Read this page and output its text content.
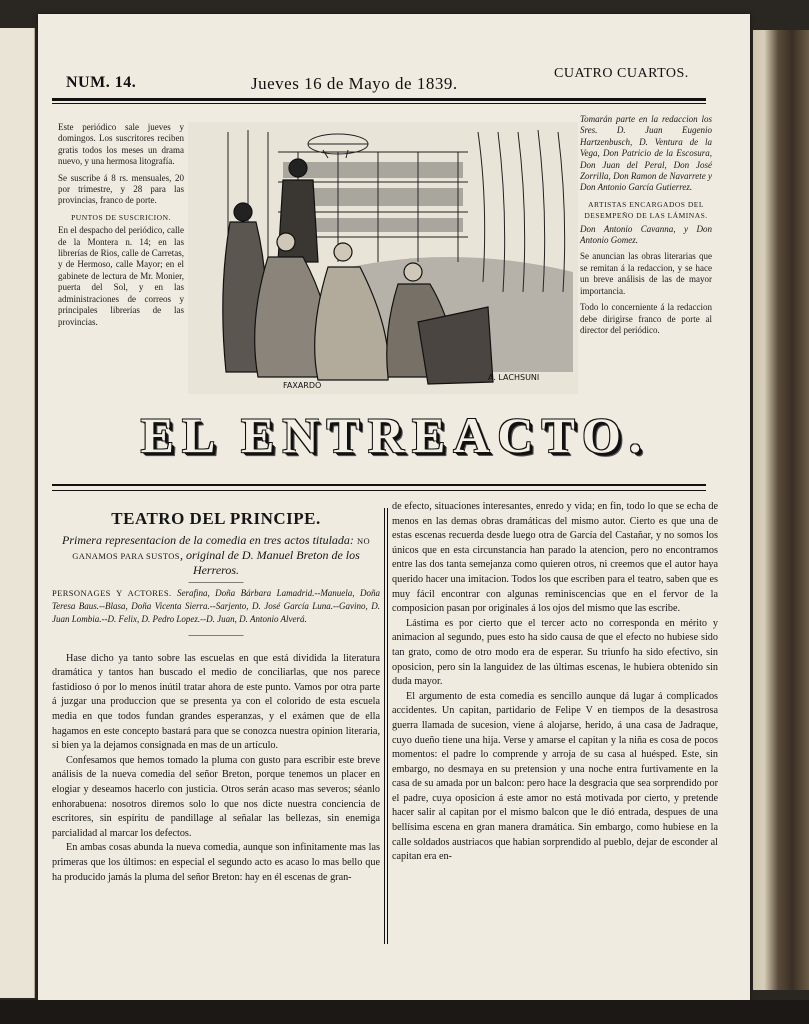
NUM. 14.	Jueves 16 de Mayo de 1839.
CUATRO CUARTOS.

Este periódico sale jueves y domingos. Los suscritores reciben gratis todos los meses un drama nuevo, y una hermosa litografía.

Se suscribe á 8 rs. mensuales, 20 por trimestre, y 28 para las provincias, franco de porte.

PUNTOS DE SUSCRICION.

En el despacho del periódico, calle de la Montera n. 14; en las librerías de Rios, calle de Carretas, y de Hermoso, calle Mayor; en el gabinete de lectura de Mr. Monier, puerta del Sol, y en las administraciones de correos y principales librerías de las provincias.

FAXARDO
A. LACHSUNI

Tomarán parte en la redaccion los Sres. D. Juan Eugenio Hartzenbusch, D. Ventura de la Vega, Don Patricio de la Escosura, Don Juan del Peral, Don José Zorrilla, Don Ramon de Navarrete y Don Antonio García Gutierrez.

ARTISTAS ENCARGADOS DEL DESEMPEÑO DE LAS LÁMINAS.

Don Antonio Cavanna, y Don Antonio Gomez.

Se anuncian las obras literarias que se remitan á la redaccion, y se hace un breve análisis de las de mayor importancia.

Todo lo concerniente á la redaccion debe dirigirse franco de porte al director del periódico.

EL ENTREACTO.
TEATRO DEL PRINCIPE.
Primera representacion de la comedia en tres actos titulada: NO GANAMOS PARA SUSTOS, original de D. Manuel Breton de los Herreros.
—————
PERSONAGES Y ACTORES. Serafina, Doña Bárbara Lamadrid.--Manuela, Doña Teresa Baus.--Blasa, Doña Vicenta Sierra.--Sarjento, D. José García Luna.--Gavino, D. Juan Lombia.--D. Felix, D. Pedro Lopez.--D. Juan, D. Antonio Alverá.
—————

Hase dicho ya tanto sobre las escuelas en que está dividida la literatura dramática y tantos han buscado el medio de conciliarlas, que nos parece fastidioso ó por lo menos inútil tratar ahora de este punto. Vamos por otra parte á juzgar una produccion que se presenta ya con el colorido de esta escuela media en que todos fundan grandes esperanzas, y el exámen que de ella hagamos en este concepto bastará para que se conozca nuestra opinion literaria, si bien ya la dejamos consignada en mas de un artículo.

Confesamos que hemos tomado la pluma con gusto para escribir este breve análisis de la nueva comedia del señor Breton, porque tenemos un placer en elogiar y deseamos hacerlo con justicia. Otros serán acaso mas severos; séanlo enhorabuena: nosotros diremos solo lo que nos dicte nuestra conciencia de escritores, sin espíritu de pandillage al señalar las bellezas, sin enemiga parcialidad al marcar los defectos.

En ambas cosas abunda la nueva comedia, aunque son infinitamente mas las primeras que los últimos: en especial el segundo acto es acaso lo mas bello que ha producido jamás la pluma del señor Breton: hay en él escenas de gran-

de efecto, situaciones interesantes, enredo y vida; en fin, todo lo que se echa de menos en las demas obras dramáticas del mismo autor. Cierto es que una de estas escenas recuerda desde luego otra de García del Castañar, y no somos los únicos que en esta circunstancia han parado la atencion, pero no encontramos entre las dos tanta semejanza como quieren otros, ni creemos que el autor haya querido hacer una imitacion. Todos los que escriben para el teatro, saben que es muy fácil encontrar con algunas reminiscencias que en el fervor de la composicion pasan por originales á los ojos del mismo que las escribe.

Lástima es por cierto que el tercer acto no corresponda en mérito y animacion al segundo, pues esto ha sido causa de que el efecto no hubiese sido tan grato, como de otro modo era de esperar. Su triunfo ha sido efectivo, sin oposicion, pero sin la languidez de las últimas escenas, le hubiera obtenido sin duda mayor.

El argumento de esta comedia es sencillo aunque dá lugar á complicados accidentes. Un capitan, partidario de Felipe V en tiempos de la desastrosa guerra llamada de sucesion, viene á alojarse, herido, á una casa de Jadraque, cuyo dueño tiene una hija. Verse y amarse el capitan y la niña es cosa de pocos momentos: el padre lo comprende y arroja de su casa al huésped. Este, sin embargo, no desmaya en su pretension y una noche entra furtivamente en la casa de su amada por un balcon: pero hace la desgracia que sea sorprendido por el padre, cuya oposicion á este amor no está motivada por cierto, y pretende hacer salir al capitan por el mismo balcon que le dió entrada, despues de una bellísima escena en gran manera dramática. Sin embargo, como hubiese en la calle soldados austriacos que habian sorprendido al pueblo, dejar de esconder al capitan era en-
